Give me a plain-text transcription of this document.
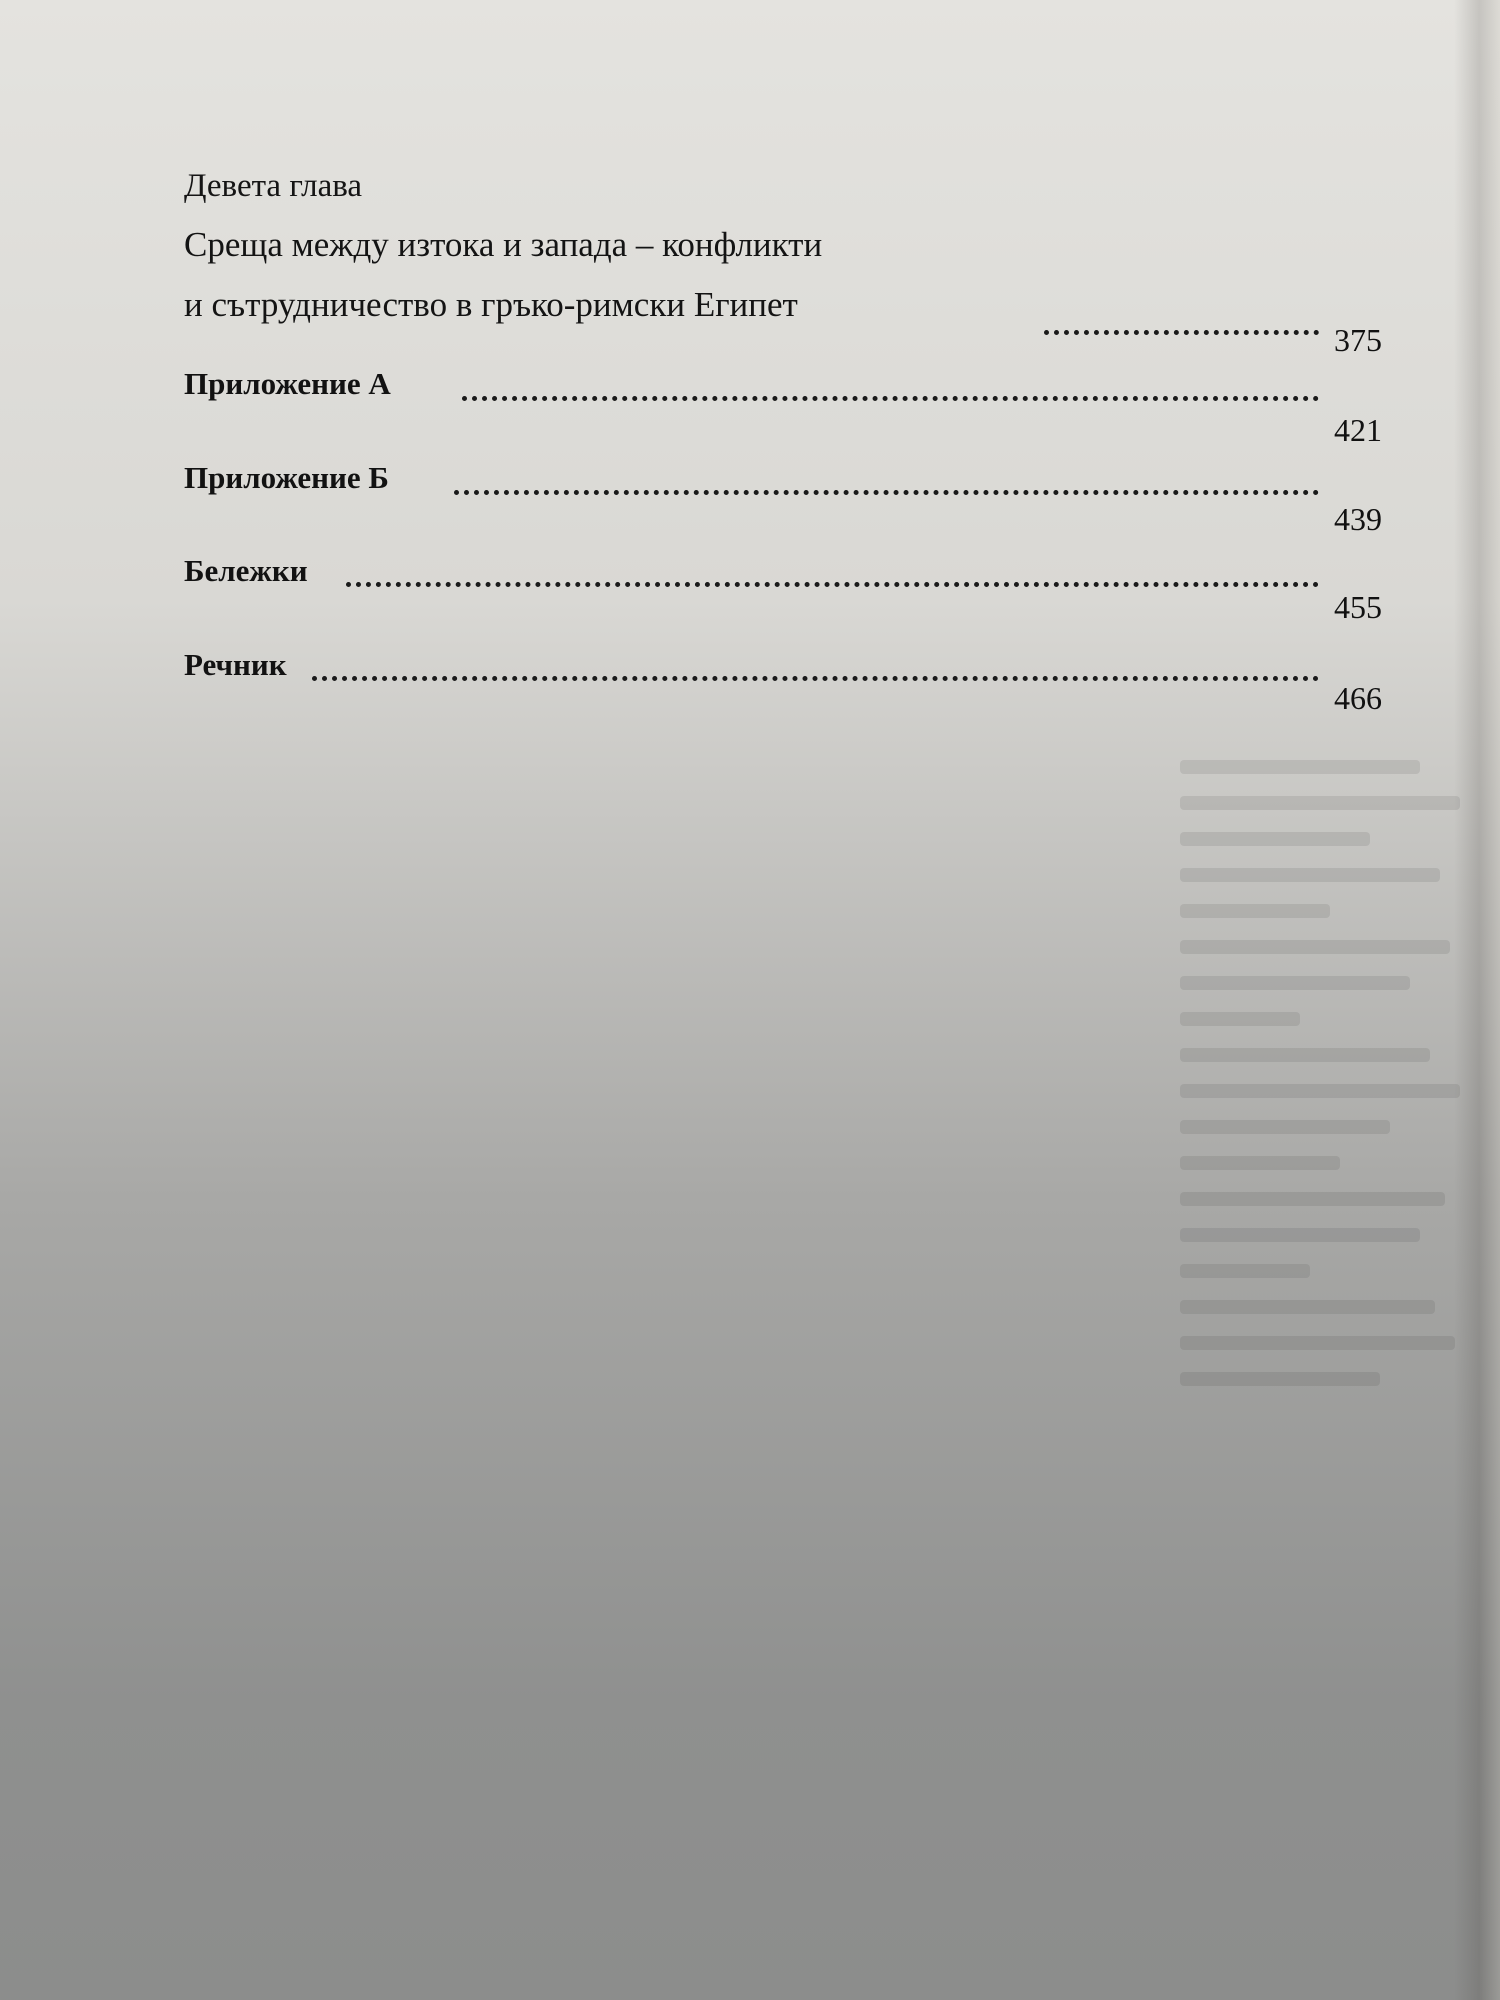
Девета глава
Среща между изтока и запада – конфликти
и сътрудничество в гръко-римски Египет
375
Приложение А
421
Приложение Б
439
Бележки
455
Речник
466
